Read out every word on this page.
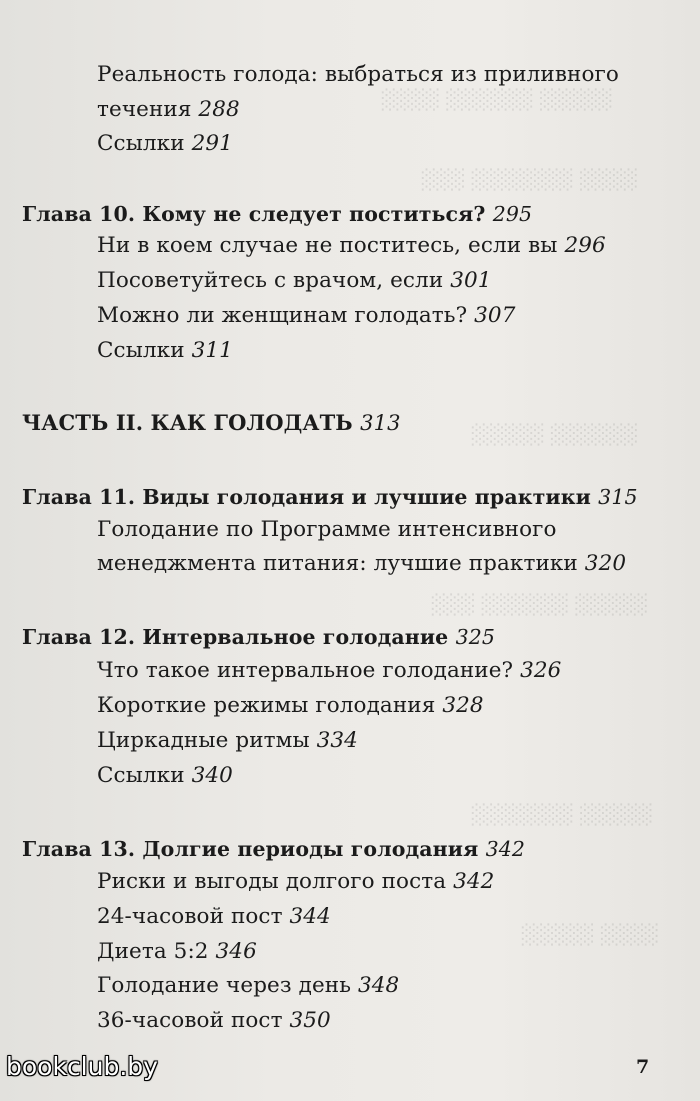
░░░░░ ░░░░░░ ░░░░
░░░░ ░░░░░░░ ░░░
░░░░░░ ░░░░░
░░░░░ ░░░░░░ ░░░
░░░░░ ░░░░░░░
░░░░ ░░░░░
Реальность голода: выбраться из приливного
течения 288
Ссылки 291
Глава 10. Кому не следует поститься? 295
Ни в коем случае не поститесь, если вы 296
Посоветуйтесь с врачом, если 301
Можно ли женщинам голодать? 307
Ссылки 311
ЧАСТЬ II. КАК ГОЛОДАТЬ 313
Глава 11. Виды голодания и лучшие практики 315
Голодание по Программе интенсивного
менеджмента питания: лучшие практики 320
Глава 12. Интервальное голодание 325
Что такое интервальное голодание? 326
Короткие режимы голодания 328
Циркадные ритмы 334
Ссылки 340
Глава 13. Долгие периоды голодания 342
Риски и выгоды долгого поста 342
24-часовой пост 344
Диета 5:2 346
Голодание через день 348
36-часовой пост 350
7
bookclub.by
